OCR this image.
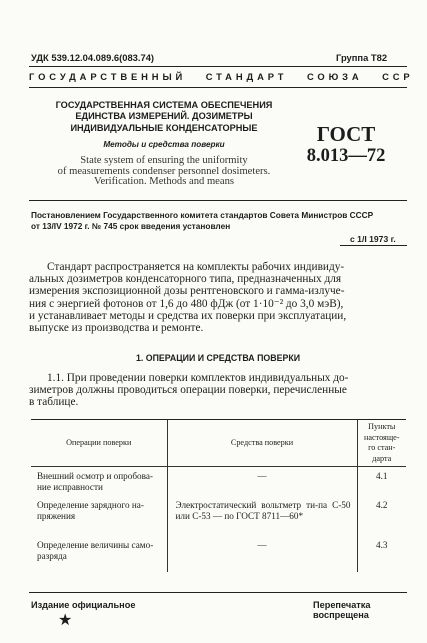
УДК 539.12.04.089.6(083.74)	Группа Т82
ГОСУДАРСТВЕННЫЙ   СТАНДАРТ   СОЮЗА   ССР
ГОСУДАРСТВЕННАЯ СИСТЕМА ОБЕСПЕЧЕНИЯ
ЕДИНСТВА ИЗМЕРЕНИЙ. ДОЗИМЕТРЫ
ИНДИВИДУАЛЬНЫЕ КОНДЕНСАТОРНЫЕ
Методы и средства поверки
State system of ensuring the uniformity
of measurements condenser personnel dosimeters.
Verification. Methods and means
ГОСТ
8.013—72
Постановлением Государственного комитета стандартов Совета Министров СССР
от 13/IV 1972 г. № 745 срок введения установлен
с 1/I 1973 г.
Стандарт распространяется на комплекты рабочих индивиду-
альных дозиметров конденсаторного типа, предназначенных для
измерения экспозиционной дозы рентгеновского и гамма-излуче-
ния с энергией фотонов от 1,6 до 480 фДж (от 1·10⁻² до 3,0 мэВ),
и устанавливает методы и средства их поверки при эксплуатации,
выпуске из производства и ремонте.
1. ОПЕРАЦИИ И СРЕДСТВА ПОВЕРКИ
1.1. При проведении поверки комплектов индивидуальных до-
зиметров должны проводиться операции поверки, перечисленные
в таблице.
Операции поверки	Средства поверки	Пункты настояще-го стан-дарта
Внешний осмотр и опробова-ние исправности	—	4.1
Определение зарядного на-пряжения	Электростатический вольтметр ти-па С-50 или С-53 — по ГОСТ 8711—60*	4.2
Определение величины само-разряда	—	4.3
Издание официальное	Перепечатка воспрещена
★
